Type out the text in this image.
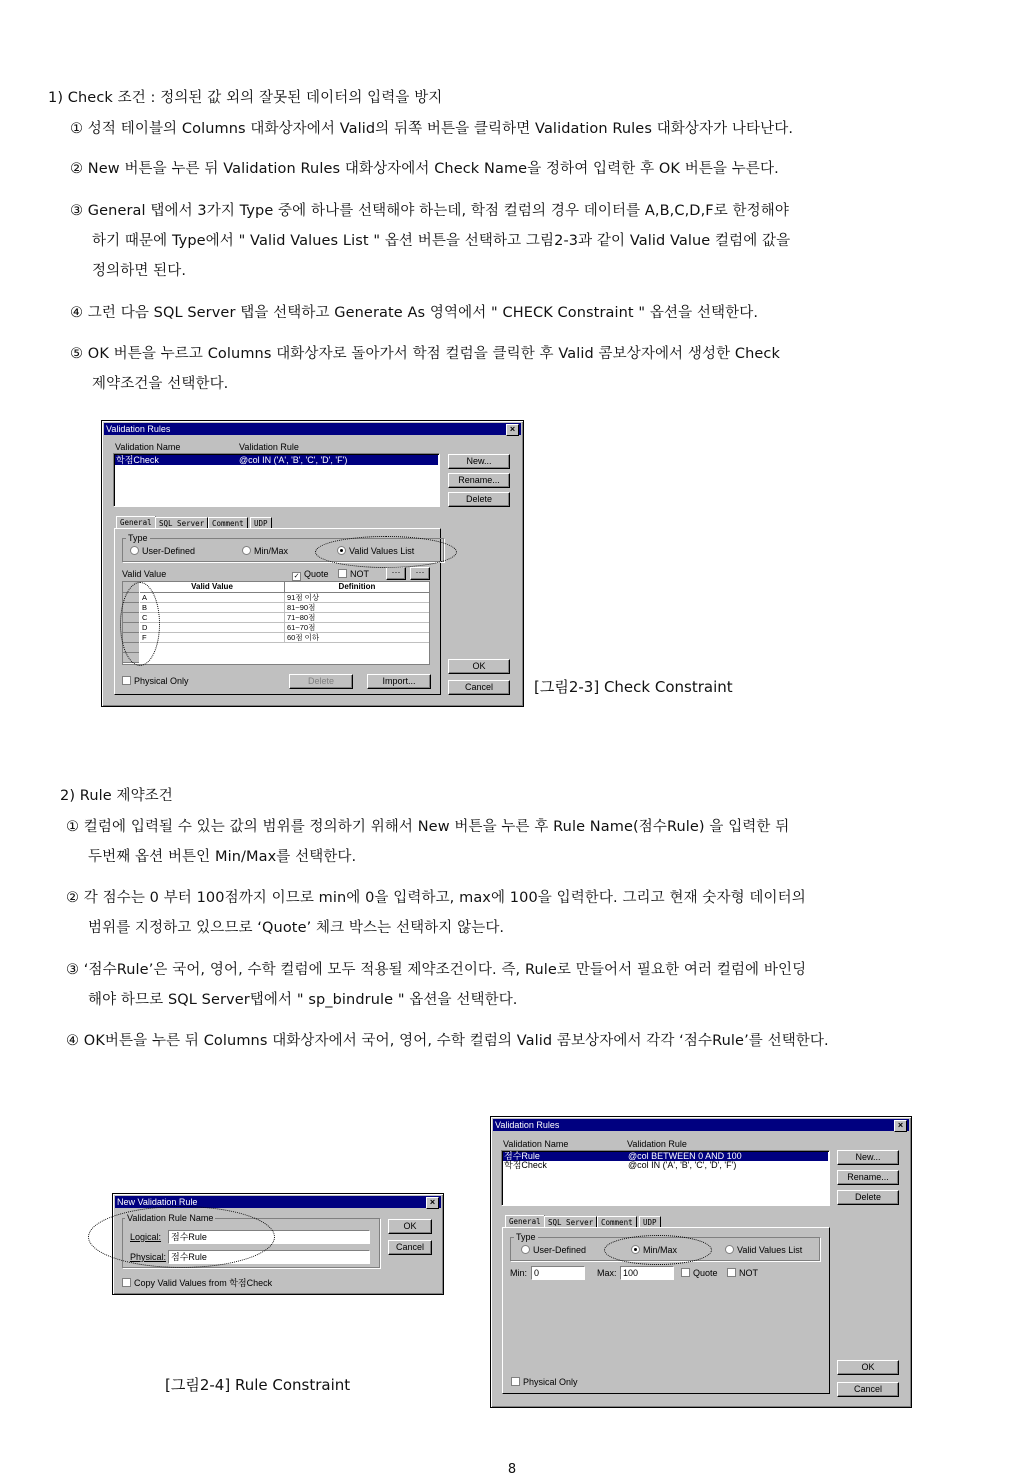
1) Check 조건 : 정의된 값 외의 잘못된 데이터의 입력을 방지
① 성적 테이블의 Columns 대화상자에서 Valid의 뒤쪽 버튼을 클릭하면 Validation Rules 대화상자가 나타난다.
② New 버튼을 누른 뒤 Validation Rules 대화상자에서 Check Name을 정하여 입력한 후 OK 버튼을 누른다.
③ General 탭에서 3가지 Type 중에 하나를 선택해야 하는데, 학점 컬럼의 경우 데이터를 A,B,C,D,F로 한정해야
하기 때문에 Type에서 " Valid Values List " 옵션 버튼을 선택하고 그림2-3과 같이 Valid Value 컬럼에 값을
정의하면 된다.
④ 그런 다음 SQL Server 탭을 선택하고 Generate As 영역에서 " CHECK Constraint " 옵션을 선택한다.
⑤ OK 버튼을 누르고 Columns 대화상자로 돌아가서 학점 컬럼을 클릭한 후 Valid 콤보상자에서 생성한 Check
제약조건을 선택한다.
Validation Rules	×
Validation Name	Validation Rule
학점Check	@col IN ('A', 'B', 'C', 'D', 'F')	New...
Rename...
Delete
General SQL Server	Comment	UDP
Type
User-Defined	Min/Max	Valid Values List
Valid Value	✓ Quote	NOT	···	···
Valid Value	Definition
A	91점 이상
B	81~90점
C	71~80점
D	61~70점
F	60점 이하
Physical Only	Delete	Import...
OK
Cancel	[그림2-3] Check Constraint
2) Rule 제약조건
① 컬럼에 입력될 수 있는 값의 범위를 정의하기 위해서 New 버튼을 누른 후 Rule Name(점수Rule) 을 입력한 뒤
두번째 옵션 버튼인 Min/Max를 선택한다.
② 각 점수는 0 부터 100점까지 이므로 min에 0을 입력하고, max에 100을 입력한다. 그리고 현재 숫자형 데이터의
범위를 지정하고 있으므로 ‘Quote’ 체크 박스는 선택하지 않는다.
③ ‘점수Rule’은 국어, 영어, 수학 컬럼에 모두 적용될 제약조건이다. 즉, Rule로 만들어서 필요한 여러 컬럼에 바인딩
해야 하므로 SQL Server탭에서 " sp_bindrule " 옵션을 선택한다.
④ OK버튼을 누른 뒤 Columns 대화상자에서 국어, 영어, 수학 컬럼의 Valid 콤보상자에서 각각 ‘점수Rule’를 선택한다.
New Validation Rule	×
Validation Rule Name
Logical:	점수Rule
Physical: 점수Rule
Copy Valid Values from 학점Check
OK
Cancel
[그림2-4] Rule Constraint
Validation Rules	×
Validation Name	Validation Rule
점수Rule	@col BETWEEN 0 AND 100
학점Check	@col IN ('A', 'B', 'C', 'D', 'F')
New...
Rename...
Delete
General SQL Server	Comment	UDP
Type
User-Defined	Min/Max	Valid Values List
Min: 0	Max: 100	Quote	NOT
Physical Only
OK
Cancel
8
